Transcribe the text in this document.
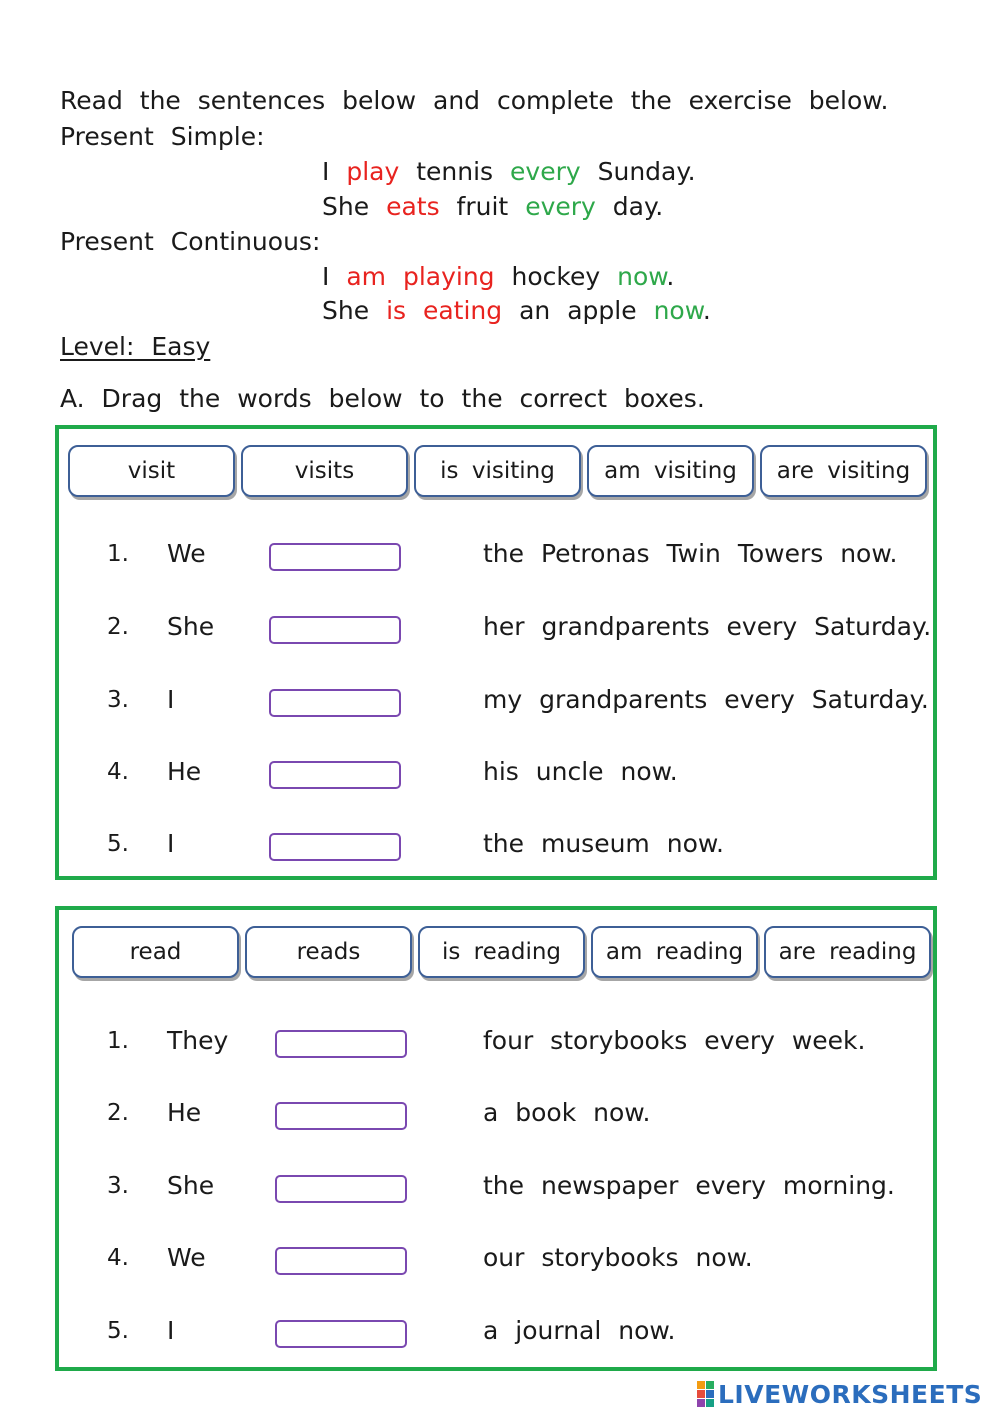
Read the sentences below and complete the exercise below.
Present Simple:
I play tennis every Sunday.
She eats fruit every day.
Present Continuous:
I am playing hockey now.
She is eating an apple now.
Level: Easy
A. Drag the words below to the correct boxes.
visit	visits	is visiting	am visiting	are visiting
1. We	the Petronas Twin Towers now.
2. She	her grandparents every Saturday.
3. I	my grandparents every Saturday.
4. He	his uncle now.
5. I	the museum now.
read	reads	is reading	am reading	are reading
1. They	four storybooks every week.
2. He	a book now.
3. She	the newspaper every morning.
4. We	our storybooks now.
5. I	a journal now.
LIVEWORKSHEETS
